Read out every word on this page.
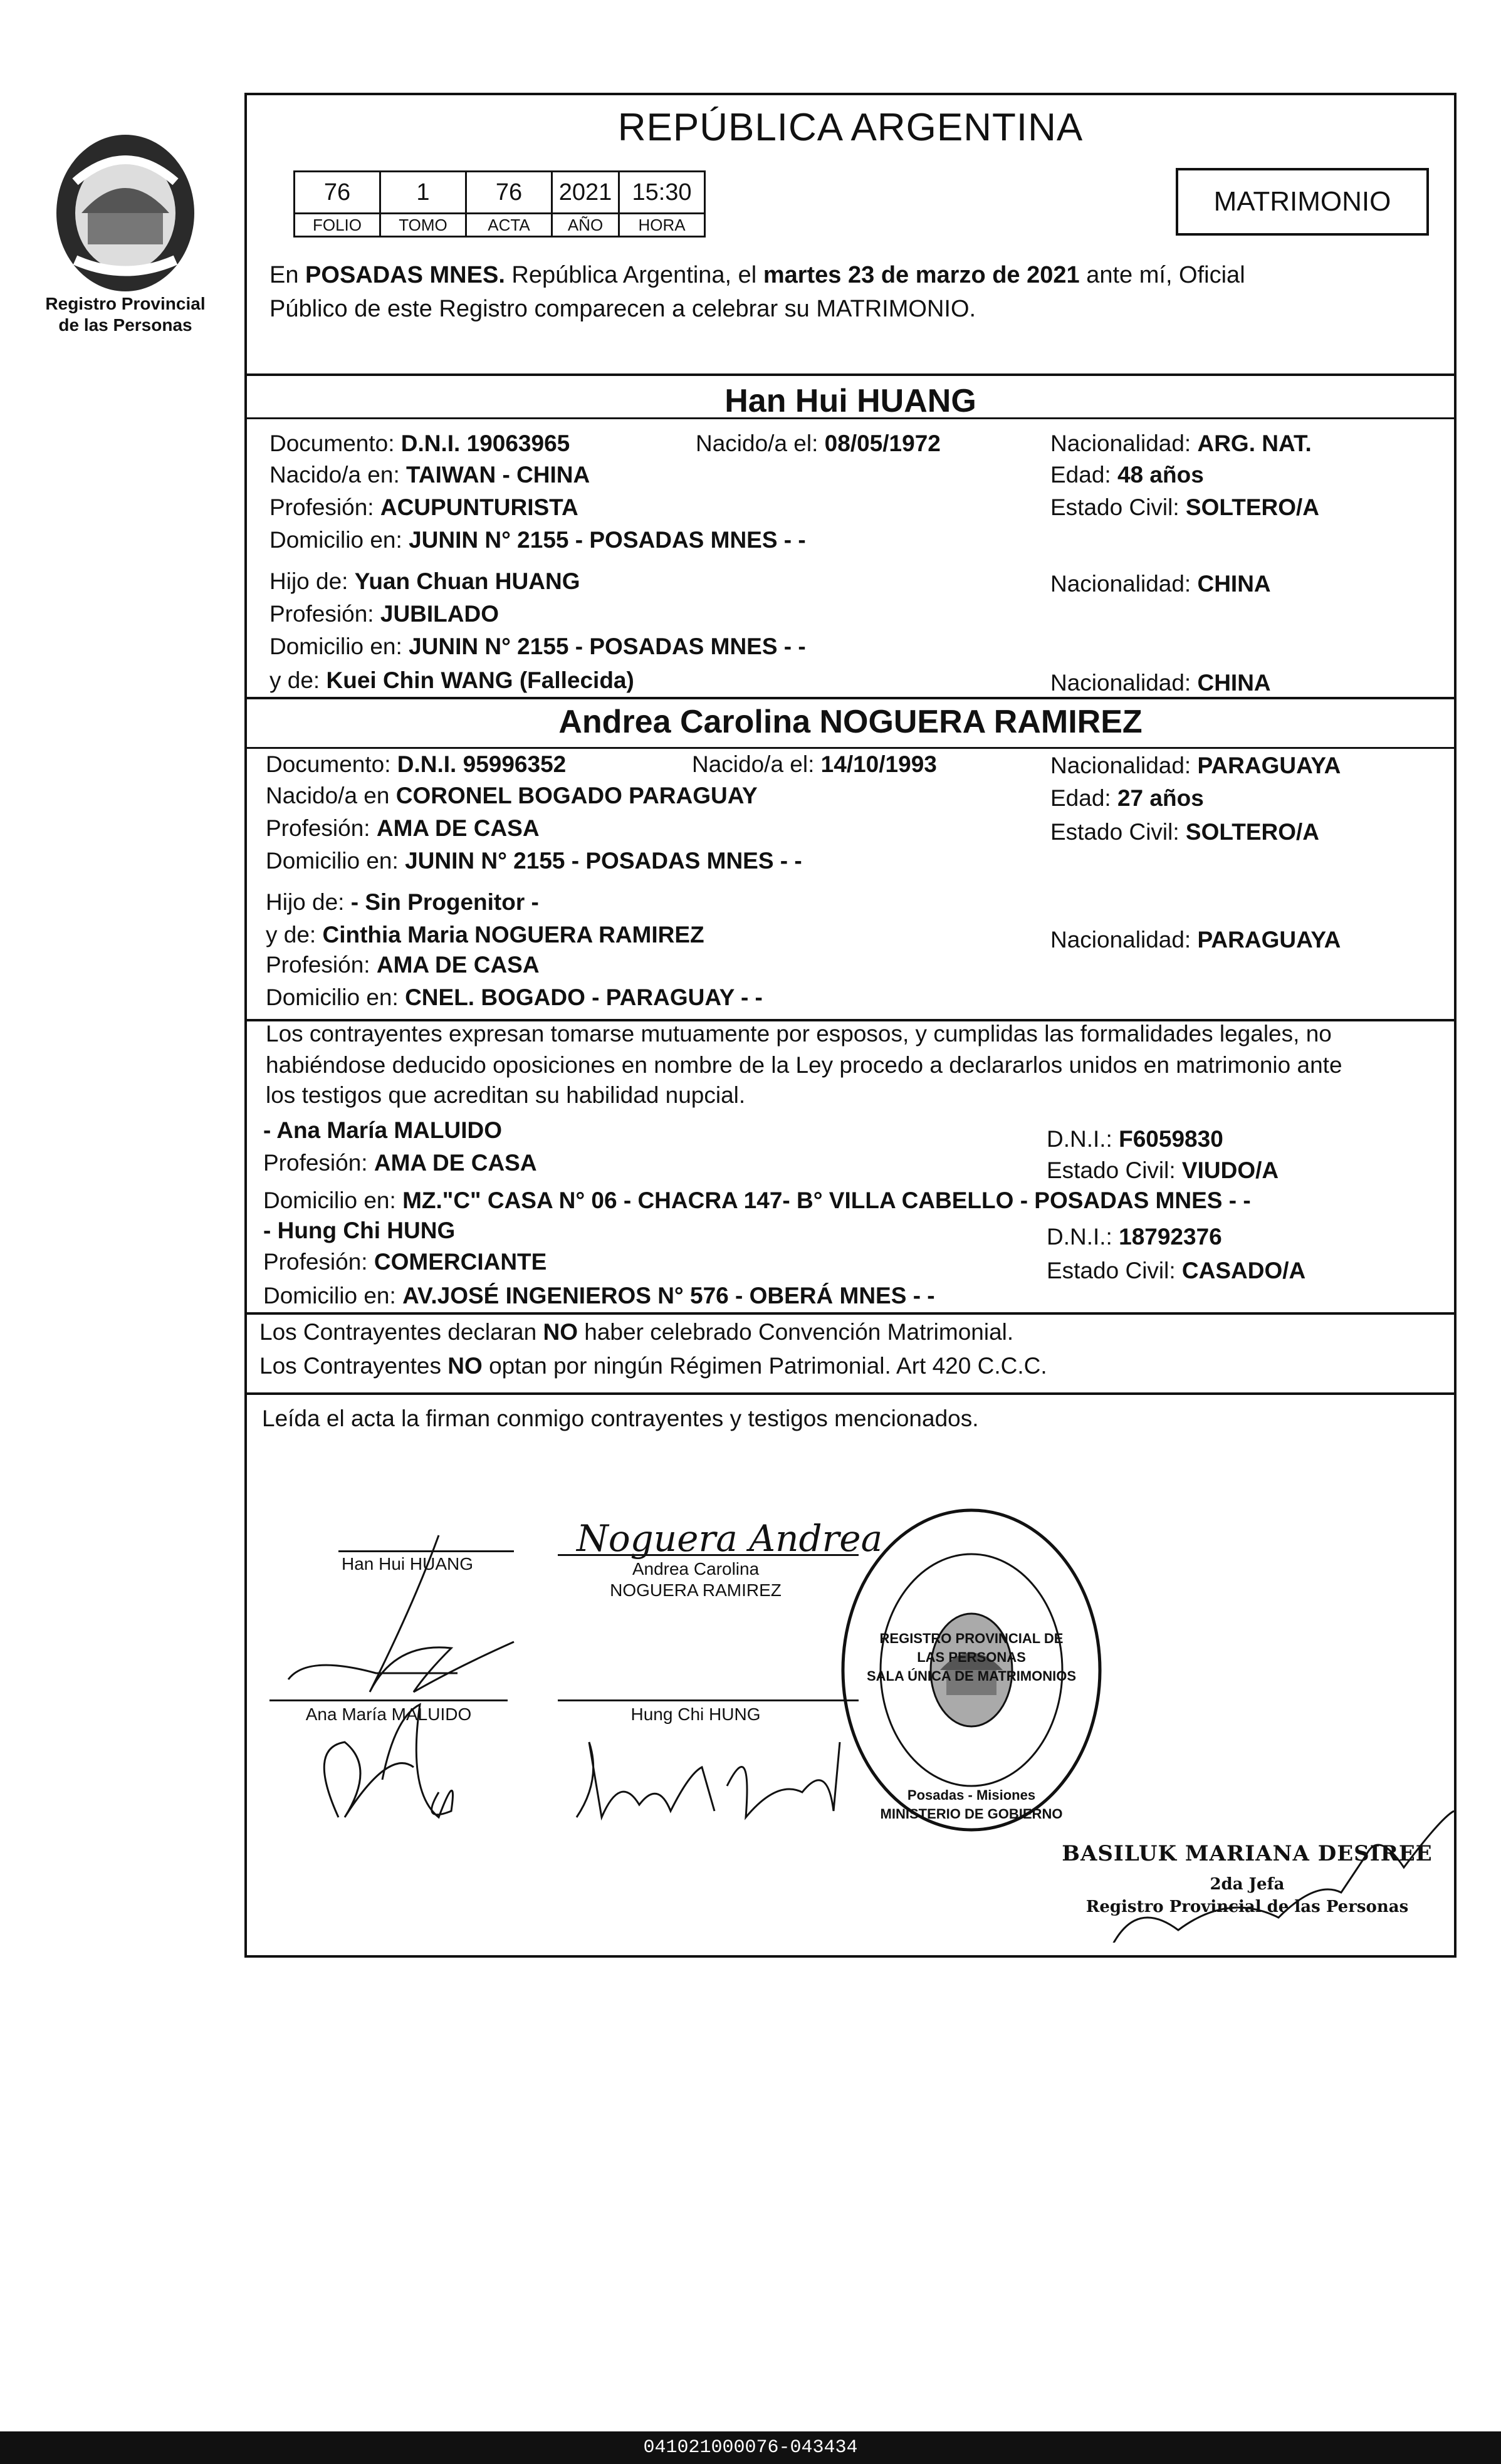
Registro Provincial
de las Personas
REPÚBLICA ARGENTINA
76	1	76	2021	15:30
FOLIO	TOMO	ACTA	AÑO	HORA
MATRIMONIO
En POSADAS MNES. República Argentina, el martes 23 de marzo de 2021 ante mí, Oficial
Público de este Registro comparecen a celebrar su MATRIMONIO.
Han Hui HUANG
Documento: D.N.I. 19063965	Nacido/a el: 08/05/1972	Nacionalidad: ARG. NAT.
Nacido/a en: TAIWAN - CHINA	Edad: 48 años
Profesión: ACUPUNTURISTA	Estado Civil: SOLTERO/A
Domicilio en: JUNIN N° 2155 - POSADAS MNES - -
Hijo de: Yuan Chuan HUANG	Nacionalidad: CHINA
Profesión: JUBILADO
Domicilio en: JUNIN N° 2155 - POSADAS MNES - -
y de: Kuei Chin WANG (Fallecida)	Nacionalidad: CHINA
Andrea Carolina NOGUERA RAMIREZ
Documento: D.N.I. 95996352	Nacido/a el: 14/10/1993	Nacionalidad: PARAGUAYA
Nacido/a en CORONEL BOGADO PARAGUAY	Edad: 27 años
Profesión: AMA DE CASA	Estado Civil: SOLTERO/A
Domicilio en: JUNIN N° 2155 - POSADAS MNES - -
Hijo de: - Sin Progenitor -
y de: Cinthia Maria NOGUERA RAMIREZ	Nacionalidad: PARAGUAYA
Profesión: AMA DE CASA
Domicilio en: CNEL. BOGADO - PARAGUAY - -
Los contrayentes expresan tomarse mutuamente por esposos, y cumplidas las formalidades legales, no
habiéndose deducido oposiciones en nombre de la Ley procedo a declararlos unidos en matrimonio ante
los testigos que acreditan su habilidad nupcial.
- Ana María MALUIDO	D.N.I.: F6059830
Profesión: AMA DE CASA	Estado Civil: VIUDO/A
Domicilio en: MZ."C" CASA N° 06 - CHACRA 147- B° VILLA CABELLO - POSADAS MNES - -
- Hung Chi HUNG	D.N.I.: 18792376
Profesión: COMERCIANTE	Estado Civil: CASADO/A
Domicilio en: AV.JOSÉ INGENIEROS N° 576 - OBERÁ MNES - -
Los Contrayentes declaran NO haber celebrado Convención Matrimonial.
Los Contrayentes NO optan por ningún Régimen Patrimonial. Art 420 C.C.C.
Leída el acta la firman conmigo contrayentes y testigos mencionados.
Noguera Andrea
Han Hui HUANG	Andrea Carolina
NOGUERA RAMIREZ
Ana María MALUIDO	Hung Chi HUNG
REGISTRO PROVINCIAL DE LAS PERSONAS
SALA ÚNICA DE MATRIMONIOS
Posadas - Misiones
MINISTERIO DE GOBIERNO
BASILUK MARIANA DESIREE
2da Jefa
Registro Provincial de las Personas
041021000076-043434
